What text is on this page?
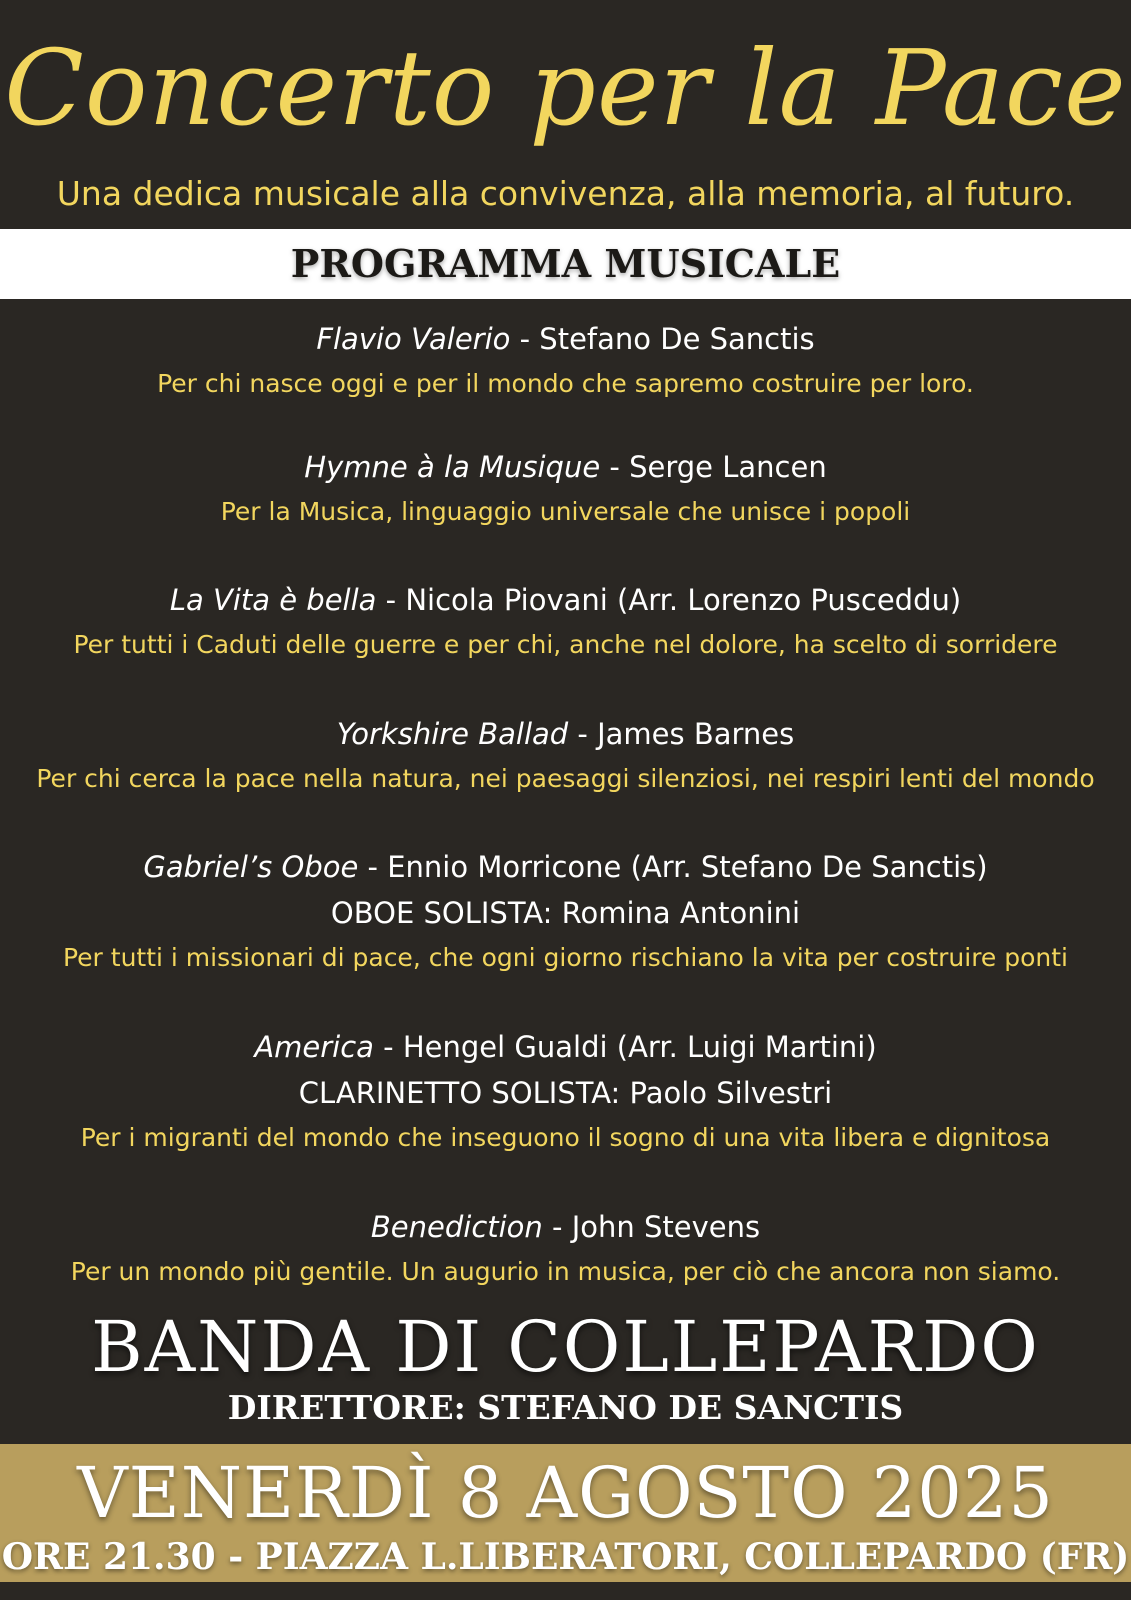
Concerto per la Pace
Una dedica musicale alla convivenza, alla memoria, al futuro.
PROGRAMMA MUSICALE
Flavio Valerio - Stefano De Sanctis
Per chi nasce oggi e per il mondo che sapremo costruire per loro.
Hymne à la Musique - Serge Lancen
Per la Musica, linguaggio universale che unisce i popoli
La Vita è bella - Nicola Piovani (Arr. Lorenzo Pusceddu)
Per tutti i Caduti delle guerre e per chi, anche nel dolore, ha scelto di sorridere
Yorkshire Ballad - James Barnes
Per chi cerca la pace nella natura, nei paesaggi silenziosi, nei respiri lenti del mondo
Gabriel’s Oboe - Ennio Morricone (Arr. Stefano De Sanctis)
OBOE SOLISTA: Romina Antonini
Per tutti i missionari di pace, che ogni giorno rischiano la vita per costruire ponti
America - Hengel Gualdi (Arr. Luigi Martini)
CLARINETTO SOLISTA: Paolo Silvestri
Per i migranti del mondo che inseguono il sogno di una vita libera e dignitosa
Benediction - John Stevens
Per un mondo più gentile. Un augurio in musica, per ciò che ancora non siamo.
BANDA DI COLLEPARDO
DIRETTORE: STEFANO DE SANCTIS
VENERDÌ 8 AGOSTO 2025
ORE 21.30 - PIAZZA L.LIBERATORI, COLLEPARDO (FR)
